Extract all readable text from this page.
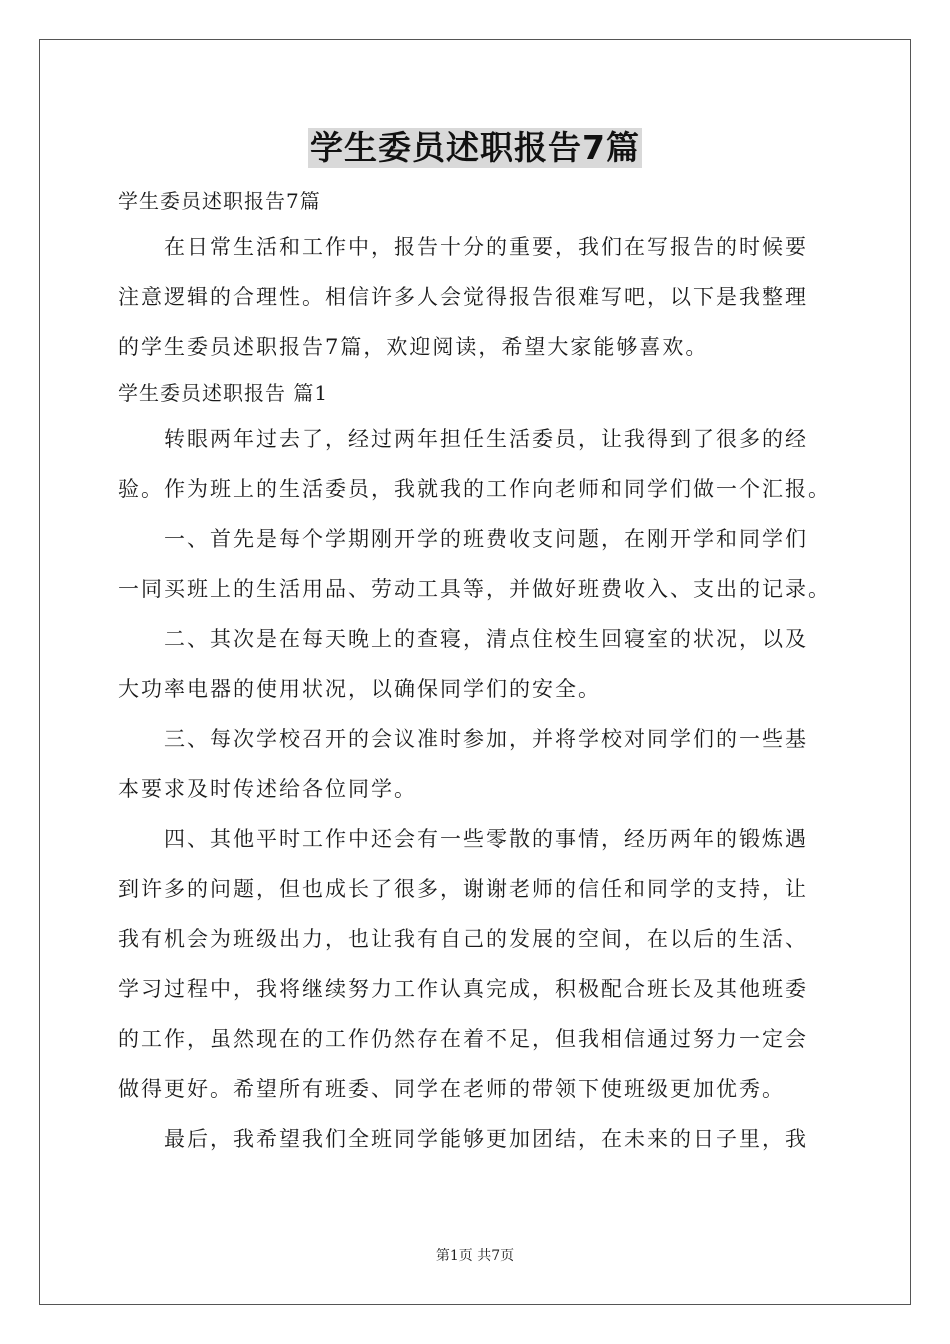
学生委员述职报告7篇
学生委员述职报告7篇
在日常生活和工作中，报告十分的重要，我们在写报告的时候要
注意逻辑的合理性。相信许多人会觉得报告很难写吧，以下是我整理
的学生委员述职报告7篇，欢迎阅读，希望大家能够喜欢。
学生委员述职报告 篇1
转眼两年过去了，经过两年担任生活委员，让我得到了很多的经
验。作为班上的生活委员，我就我的工作向老师和同学们做一个汇报。
一、首先是每个学期刚开学的班费收支问题，在刚开学和同学们
一同买班上的生活用品、劳动工具等，并做好班费收入、支出的记录。
二、其次是在每天晚上的查寝，清点住校生回寝室的状况，以及
大功率电器的使用状况，以确保同学们的安全。
三、每次学校召开的会议准时参加，并将学校对同学们的一些基
本要求及时传述给各位同学。
四、其他平时工作中还会有一些零散的事情，经历两年的锻炼遇
到许多的问题，但也成长了很多，谢谢老师的信任和同学的支持，让
我有机会为班级出力，也让我有自己的发展的空间，在以后的生活、
学习过程中，我将继续努力工作认真完成，积极配合班长及其他班委
的工作，虽然现在的工作仍然存在着不足，但我相信通过努力一定会
做得更好。希望所有班委、同学在老师的带领下使班级更加优秀。
最后，我希望我们全班同学能够更加团结，在未来的日子里，我
第1页 共7页
